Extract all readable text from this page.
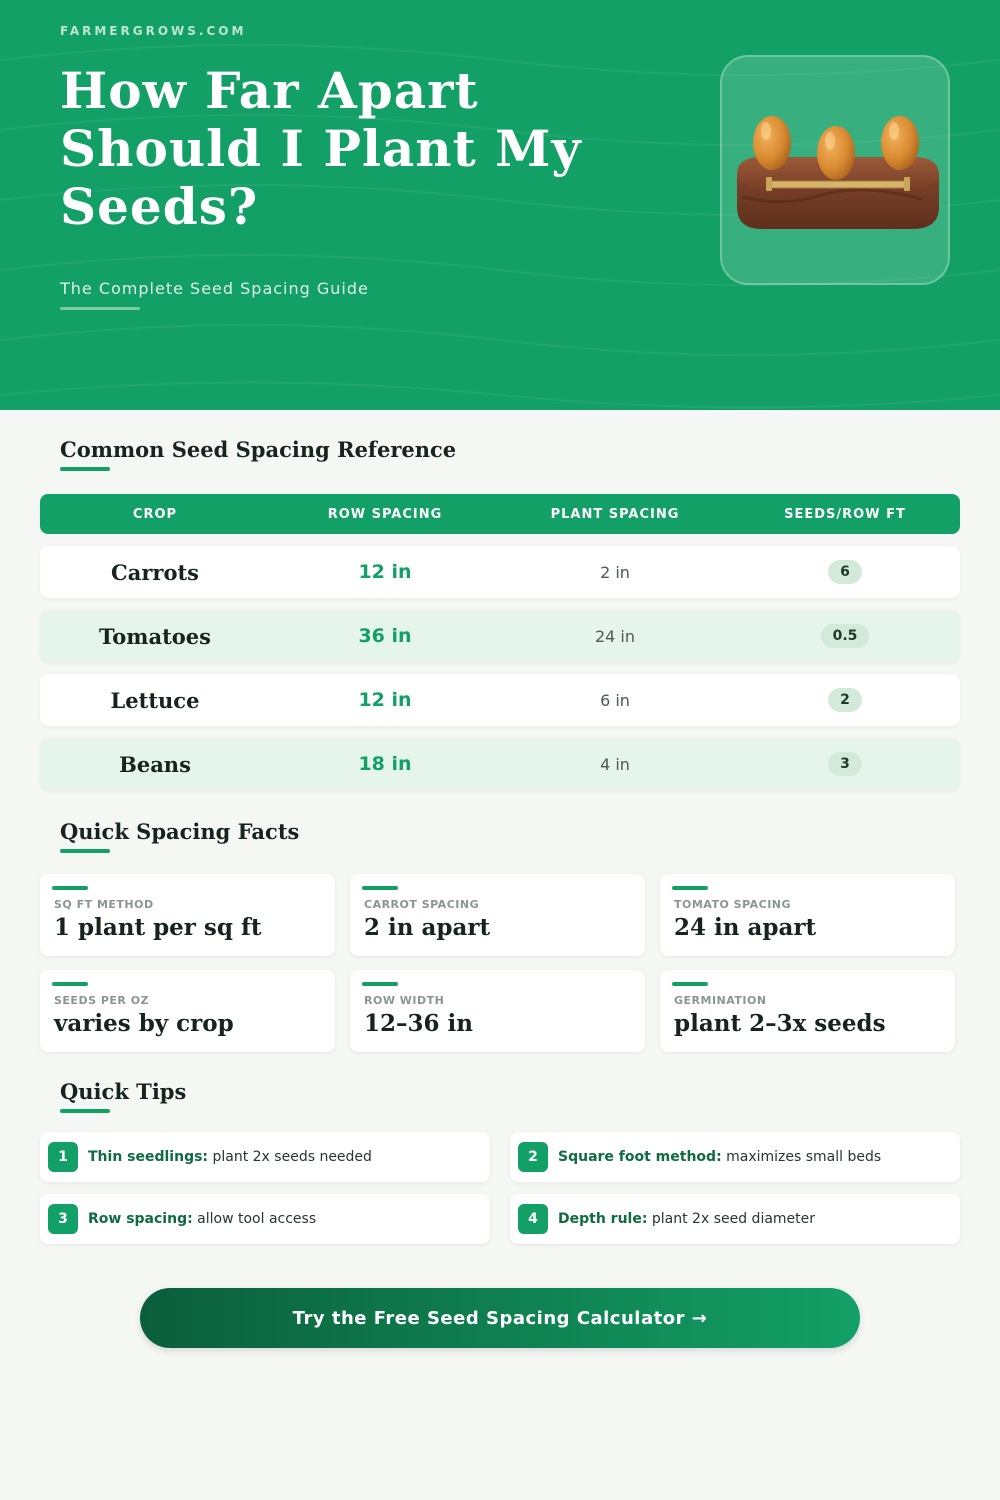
FARMERGROWS.COM
How Far Apart Should I Plant My Seeds?
The Complete Seed Spacing Guide
Common Seed Spacing Reference
CROP	ROW SPACING	PLANT SPACING	SEEDS/ROW FT
Carrots	12 in	2 in	6
Tomatoes	36 in	24 in	0.5
Lettuce	12 in	6 in	2
Beans	18 in	4 in	3
Quick Spacing Facts
SQ FT METHOD
1 plant per sq ft
CARROT SPACING
2 in apart
TOMATO SPACING
24 in apart
SEEDS PER OZ
varies by crop
ROW WIDTH
12–36 in
GERMINATION
plant 2–3x seeds
Quick Tips
1	Thin seedlings: plant 2x seeds needed	2	Square foot method: maximizes small beds
3	Row spacing: allow tool access	4	Depth rule: plant 2x seed diameter
Try the Free Seed Spacing Calculator →
